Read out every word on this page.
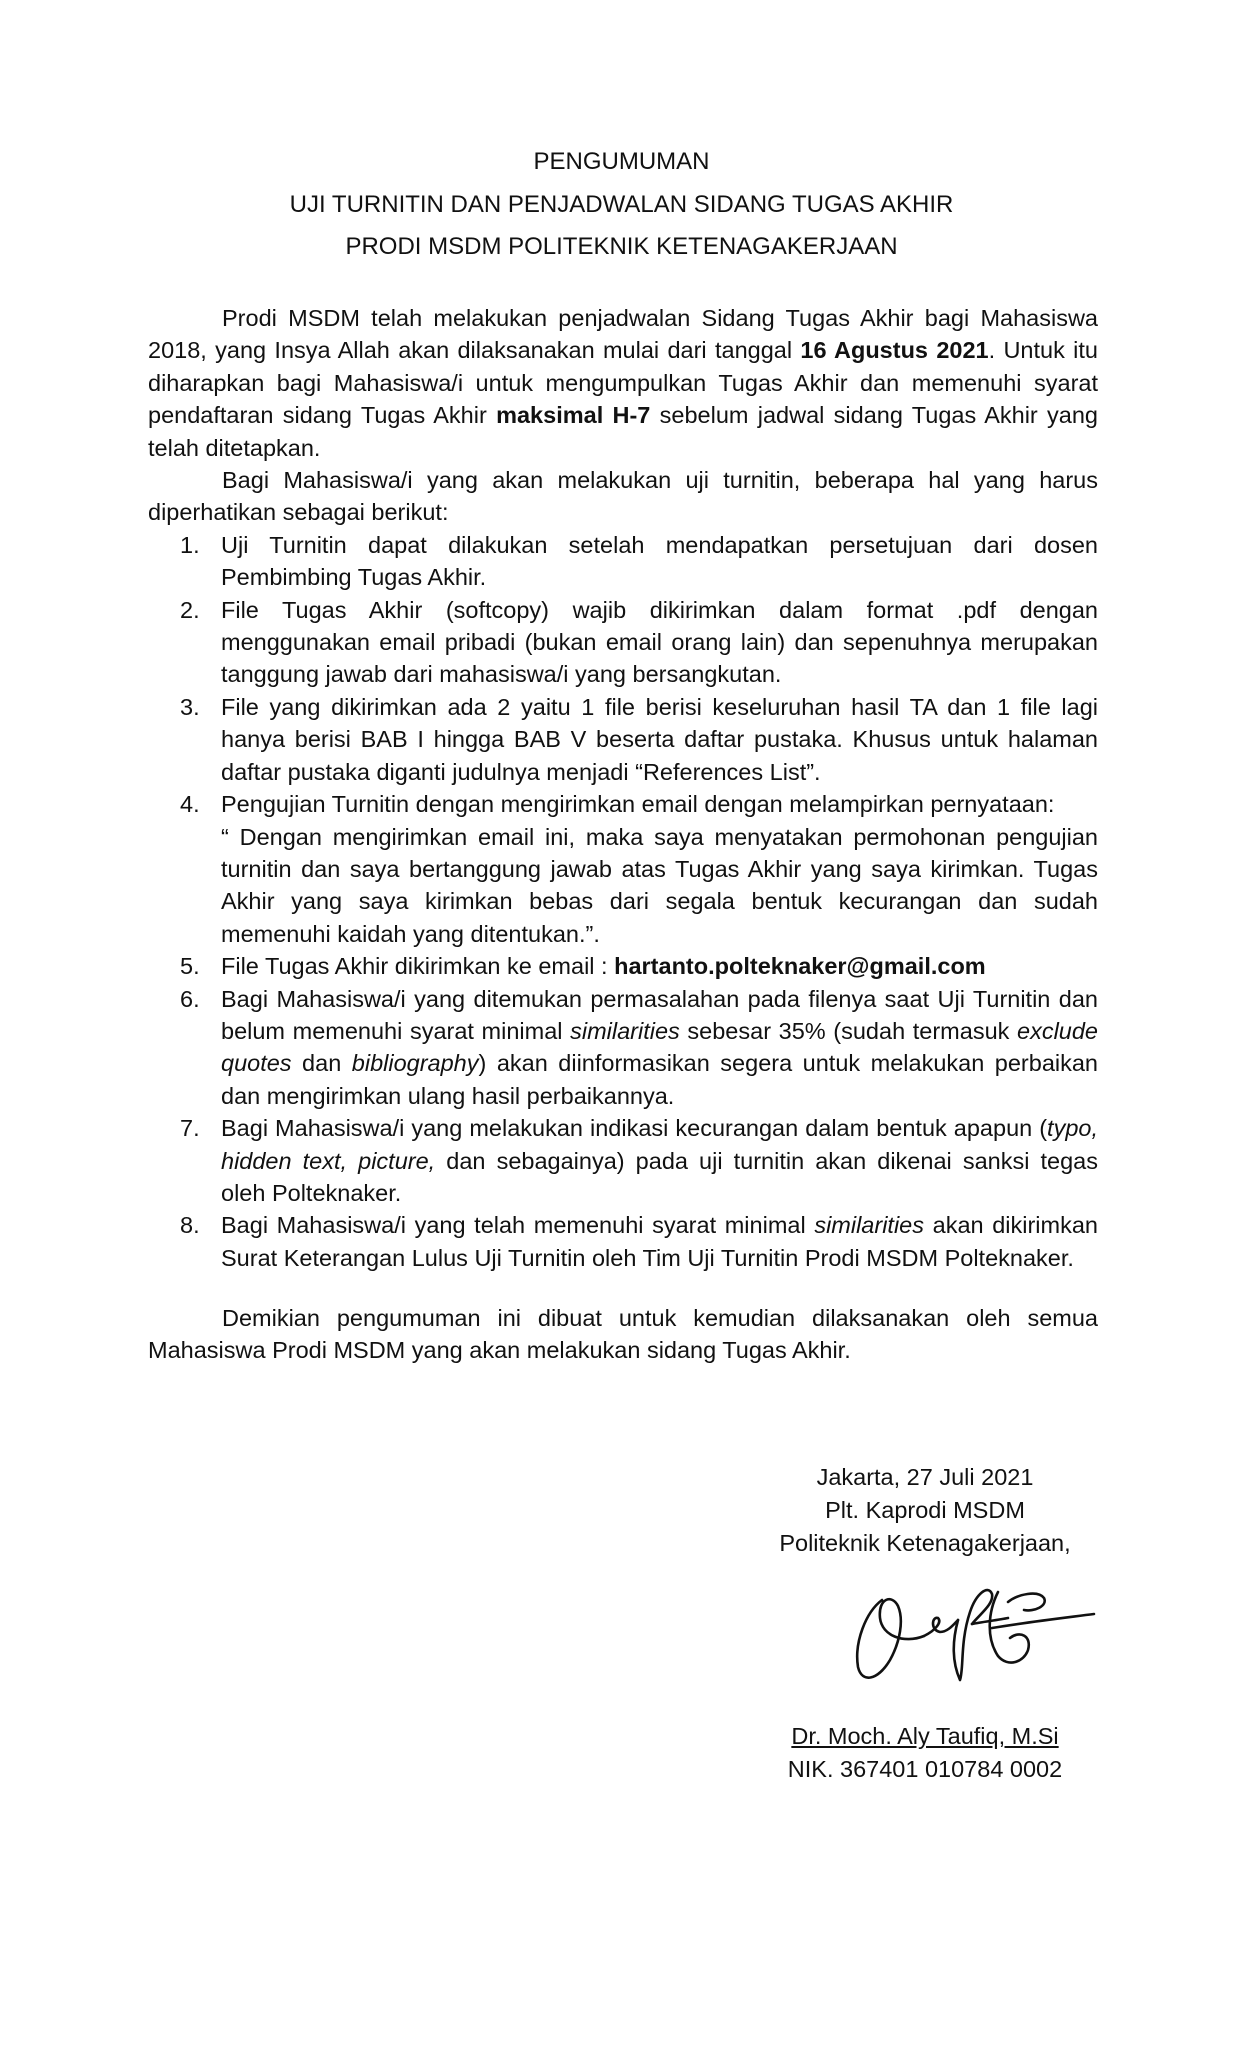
PENGUMUMAN
UJI TURNITIN DAN PENJADWALAN SIDANG TUGAS AKHIR
PRODI MSDM POLITEKNIK KETENAGAKERJAAN
Prodi MSDM telah melakukan penjadwalan Sidang Tugas Akhir bagi Mahasiswa 2018, yang Insya Allah akan dilaksanakan mulai dari tanggal 16 Agustus 2021. Untuk itu diharapkan bagi Mahasiswa/i untuk mengumpulkan Tugas Akhir dan memenuhi syarat pendaftaran sidang Tugas Akhir maksimal H-7 sebelum jadwal sidang Tugas Akhir yang telah ditetapkan.
Bagi Mahasiswa/i yang akan melakukan uji turnitin, beberapa hal yang harus diperhatikan sebagai berikut:
1. Uji Turnitin dapat dilakukan setelah mendapatkan persetujuan dari dosen Pembimbing Tugas Akhir.
2. File Tugas Akhir (softcopy) wajib dikirimkan dalam format .pdf dengan menggunakan email pribadi (bukan email orang lain) dan sepenuhnya merupakan tanggung jawab dari mahasiswa/i yang bersangkutan.
3. File yang dikirimkan ada 2 yaitu 1 file berisi keseluruhan hasil TA dan 1 file lagi hanya berisi BAB I hingga BAB V beserta daftar pustaka. Khusus untuk halaman daftar pustaka diganti judulnya menjadi “References List”.
4. Pengujian Turnitin dengan mengirimkan email dengan melampirkan pernyataan:
“ Dengan mengirimkan email ini, maka saya menyatakan permohonan pengujian turnitin dan saya bertanggung jawab atas Tugas Akhir yang saya kirimkan. Tugas Akhir yang saya kirimkan bebas dari segala bentuk kecurangan dan sudah memenuhi kaidah yang ditentukan.”.
5. File Tugas Akhir dikirimkan ke email : hartanto.polteknaker@gmail.com
6. Bagi Mahasiswa/i yang ditemukan permasalahan pada filenya saat Uji Turnitin dan belum memenuhi syarat minimal similarities sebesar 35% (sudah termasuk exclude quotes dan bibliography) akan diinformasikan segera untuk melakukan perbaikan dan mengirimkan ulang hasil perbaikannya.
7. Bagi Mahasiswa/i yang melakukan indikasi kecurangan dalam bentuk apapun (typo, hidden text, picture, dan sebagainya) pada uji turnitin akan dikenai sanksi tegas oleh Polteknaker.
8. Bagi Mahasiswa/i yang telah memenuhi syarat minimal similarities akan dikirimkan Surat Keterangan Lulus Uji Turnitin oleh Tim Uji Turnitin Prodi MSDM Polteknaker.
Demikian pengumuman ini dibuat untuk kemudian dilaksanakan oleh semua Mahasiswa Prodi MSDM yang akan melakukan sidang Tugas Akhir.
Jakarta, 27 Juli 2021
Plt. Kaprodi MSDM
Politeknik Ketenagakerjaan,
Dr. Moch. Aly Taufiq, M.Si
NIK. 367401 010784 0002
